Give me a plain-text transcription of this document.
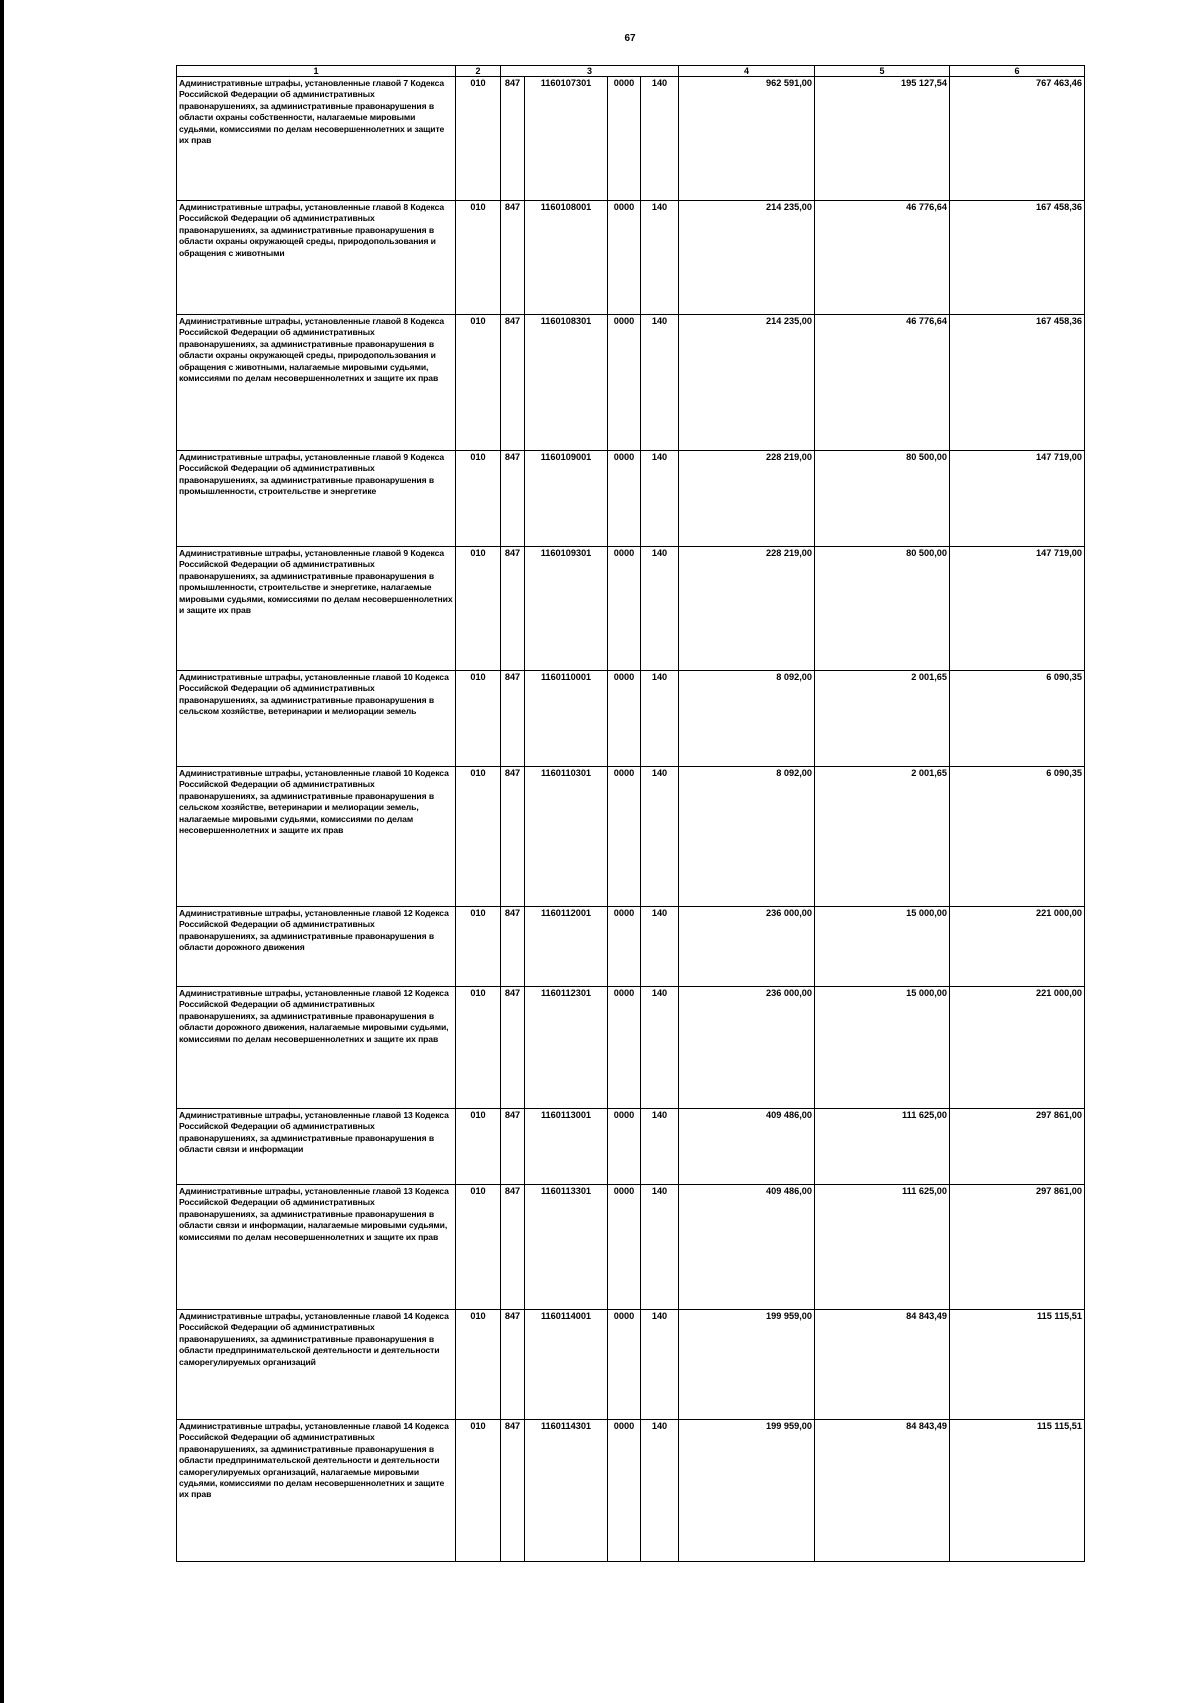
67
1	2	3				4	5	6
Административные штрафы, установленные главой 7 Кодекса Российской Федерации об административных правонарушениях, за административные правонарушения в области охраны собственности, налагаемые мировыми судьями, комиссиями по делам несовершеннолетних и защите их прав	010	847	1160107301	0000	140	962 591,00	195 127,54	767 463,46
Административные штрафы, установленные главой 8 Кодекса Российской Федерации об административных правонарушениях, за административные правонарушения в области охраны окружающей среды, природопользования и обращения с животными	010	847	1160108001	0000	140	214 235,00	46 776,64	167 458,36
Административные штрафы, установленные главой 8 Кодекса Российской Федерации об административных правонарушениях, за административные правонарушения в области охраны окружающей среды, природопользования и обращения с животными, налагаемые мировыми судьями, комиссиями по делам несовершеннолетних и защите их прав	010	847	1160108301	0000	140	214 235,00	46 776,64	167 458,36
Административные штрафы, установленные главой 9 Кодекса Российской Федерации об административных правонарушениях, за административные правонарушения в промышленности, строительстве и энергетике	010	847	1160109001	0000	140	228 219,00	80 500,00	147 719,00
Административные штрафы, установленные главой 9 Кодекса Российской Федерации об административных правонарушениях, за административные правонарушения в промышленности, строительстве и энергетике, налагаемые мировыми судьями, комиссиями по делам несовершеннолетних и защите их прав	010	847	1160109301	0000	140	228 219,00	80 500,00	147 719,00
Административные штрафы, установленные главой 10 Кодекса Российской Федерации об административных правонарушениях, за административные правонарушения в сельском хозяйстве, ветеринарии и мелиорации земель	010	847	1160110001	0000	140	8 092,00	2 001,65	6 090,35
Административные штрафы, установленные главой 10 Кодекса Российской Федерации об административных правонарушениях, за административные правонарушения в сельском хозяйстве, ветеринарии и мелиорации земель, налагаемые мировыми судьями, комиссиями по делам несовершеннолетних и защите их прав	010	847	1160110301	0000	140	8 092,00	2 001,65	6 090,35
Административные штрафы, установленные главой 12 Кодекса Российской Федерации об административных правонарушениях, за административные правонарушения в области дорожного движения	010	847	1160112001	0000	140	236 000,00	15 000,00	221 000,00
Административные штрафы, установленные главой 12 Кодекса Российской Федерации об административных правонарушениях, за административные правонарушения в области дорожного движения, налагаемые мировыми судьями, комиссиями по делам несовершеннолетних и защите их прав	010	847	1160112301	0000	140	236 000,00	15 000,00	221 000,00
Административные штрафы, установленные главой 13 Кодекса Российской Федерации об административных правонарушениях, за административные правонарушения в области связи и информации	010	847	1160113001	0000	140	409 486,00	111 625,00	297 861,00
Административные штрафы, установленные главой 13 Кодекса Российской Федерации об административных правонарушениях, за административные правонарушения в области связи и информации, налагаемые мировыми судьями, комиссиями по делам несовершеннолетних и защите их прав	010	847	1160113301	0000	140	409 486,00	111 625,00	297 861,00
Административные штрафы, установленные главой 14 Кодекса Российской Федерации об административных правонарушениях, за административные правонарушения в области предпринимательской деятельности и деятельности саморегулируемых организаций	010	847	1160114001	0000	140	199 959,00	84 843,49	115 115,51
Административные штрафы, установленные главой 14 Кодекса Российской Федерации об административных правонарушениях, за административные правонарушения в области предпринимательской деятельности и деятельности саморегулируемых организаций, налагаемые мировыми судьями, комиссиями по делам несовершеннолетних и защите их прав	010	847	1160114301	0000	140	199 959,00	84 843,49	115 115,51
